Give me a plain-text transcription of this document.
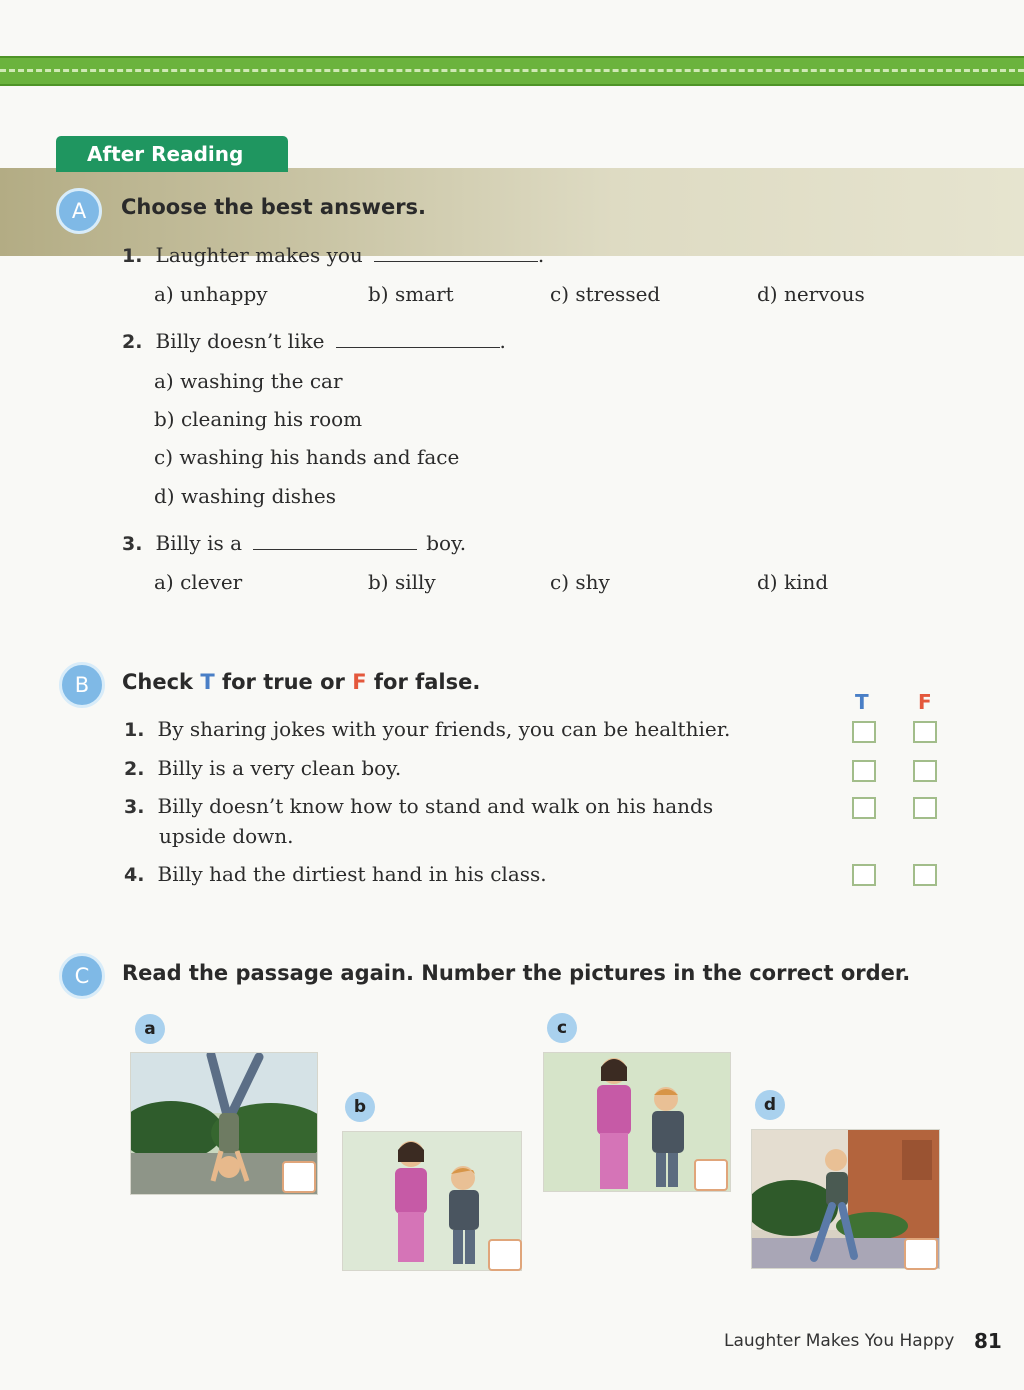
After Reading
A	Choose the best answers.
1. Laughter makes you	.
a) unhappy	b) smart	c) stressed	d) nervous
2. Billy doesn’t like	.
a) washing the car
b) cleaning his room
c) washing his hands and face
d) washing dishes
3. Billy is a	boy.
a) clever	b) silly	c) shy	d) kind
B	Check T for true or F for false.
T F
1. By sharing jokes with your friends, you can be healthier.
2. Billy is a very clean boy.
3. Billy doesn’t know how to stand and walk on his hands
upside down.
4. Billy had the dirtiest hand in his class.
C	Read the passage again. Number the pictures in the correct order.
a
b
c
d
Laughter Makes You Happy 81
